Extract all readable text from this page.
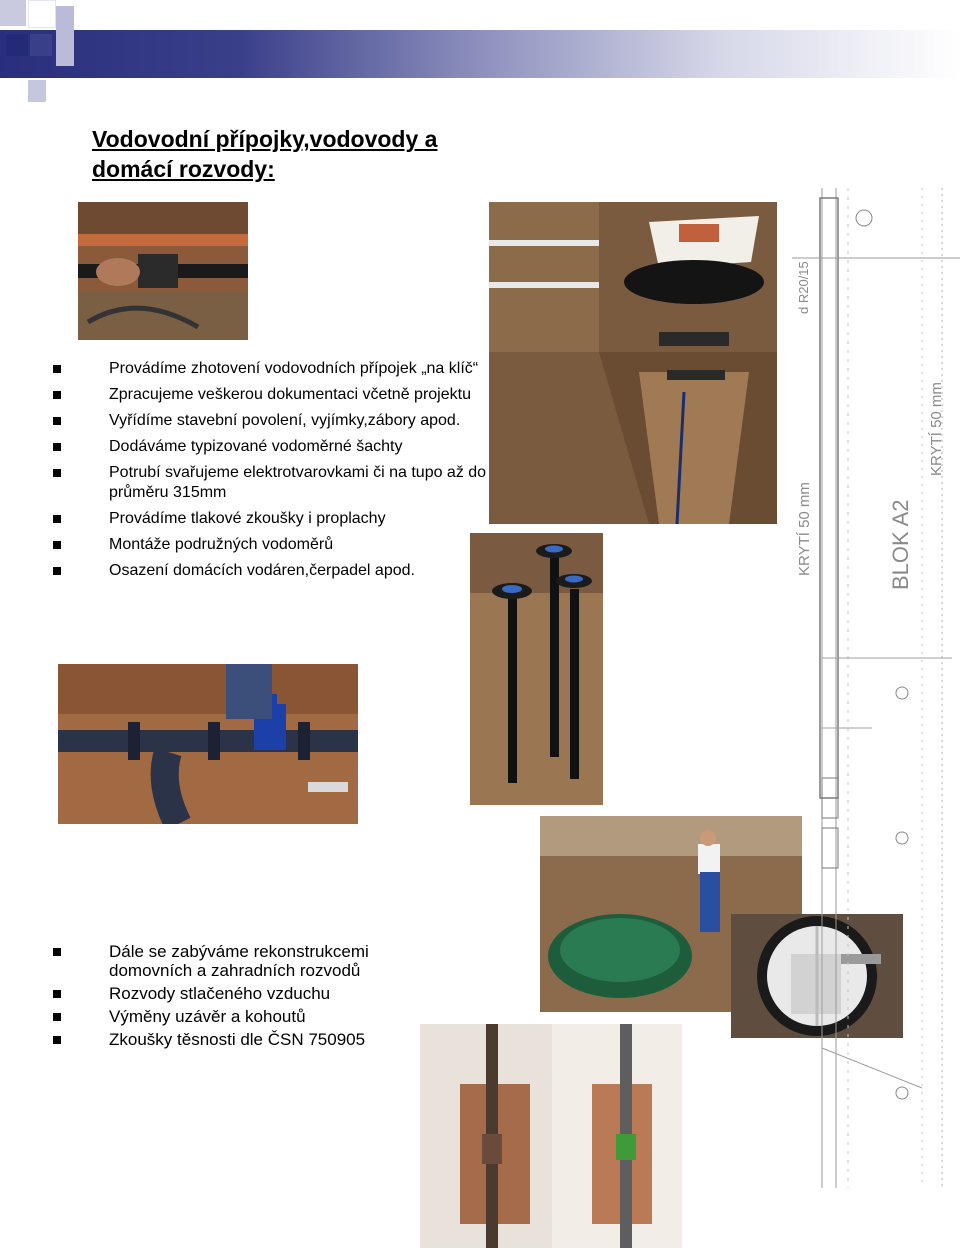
Vodovodní přípojky,vodovody a domácí rozvody:
Provádíme zhotovení vodovodních přípojek „na klíč“
Zpracujeme veškerou dokumentaci včetně projektu
Vyřídíme stavební povolení, vyjímky,zábory apod.
Dodáváme typizované vodoměrné šachty
Potrubí svařujeme elektrotvarovkami či na tupo až do průměru 315mm
Provádíme tlakové zkoušky i proplachy
Montáže podružných vodoměrů
Osazení domácích vodáren,čerpadel apod.
Dále se zabýváme rekonstrukcemi domovních a zahradních rozvodů
Rozvody stlačeného vzduchu
Výměny uzávěr a kohoutů
Zkoušky těsnosti dle ČSN 750905
BLOK A2
KRYTÍ 50 mm
KRYTÍ 50 mm
d R20/15
